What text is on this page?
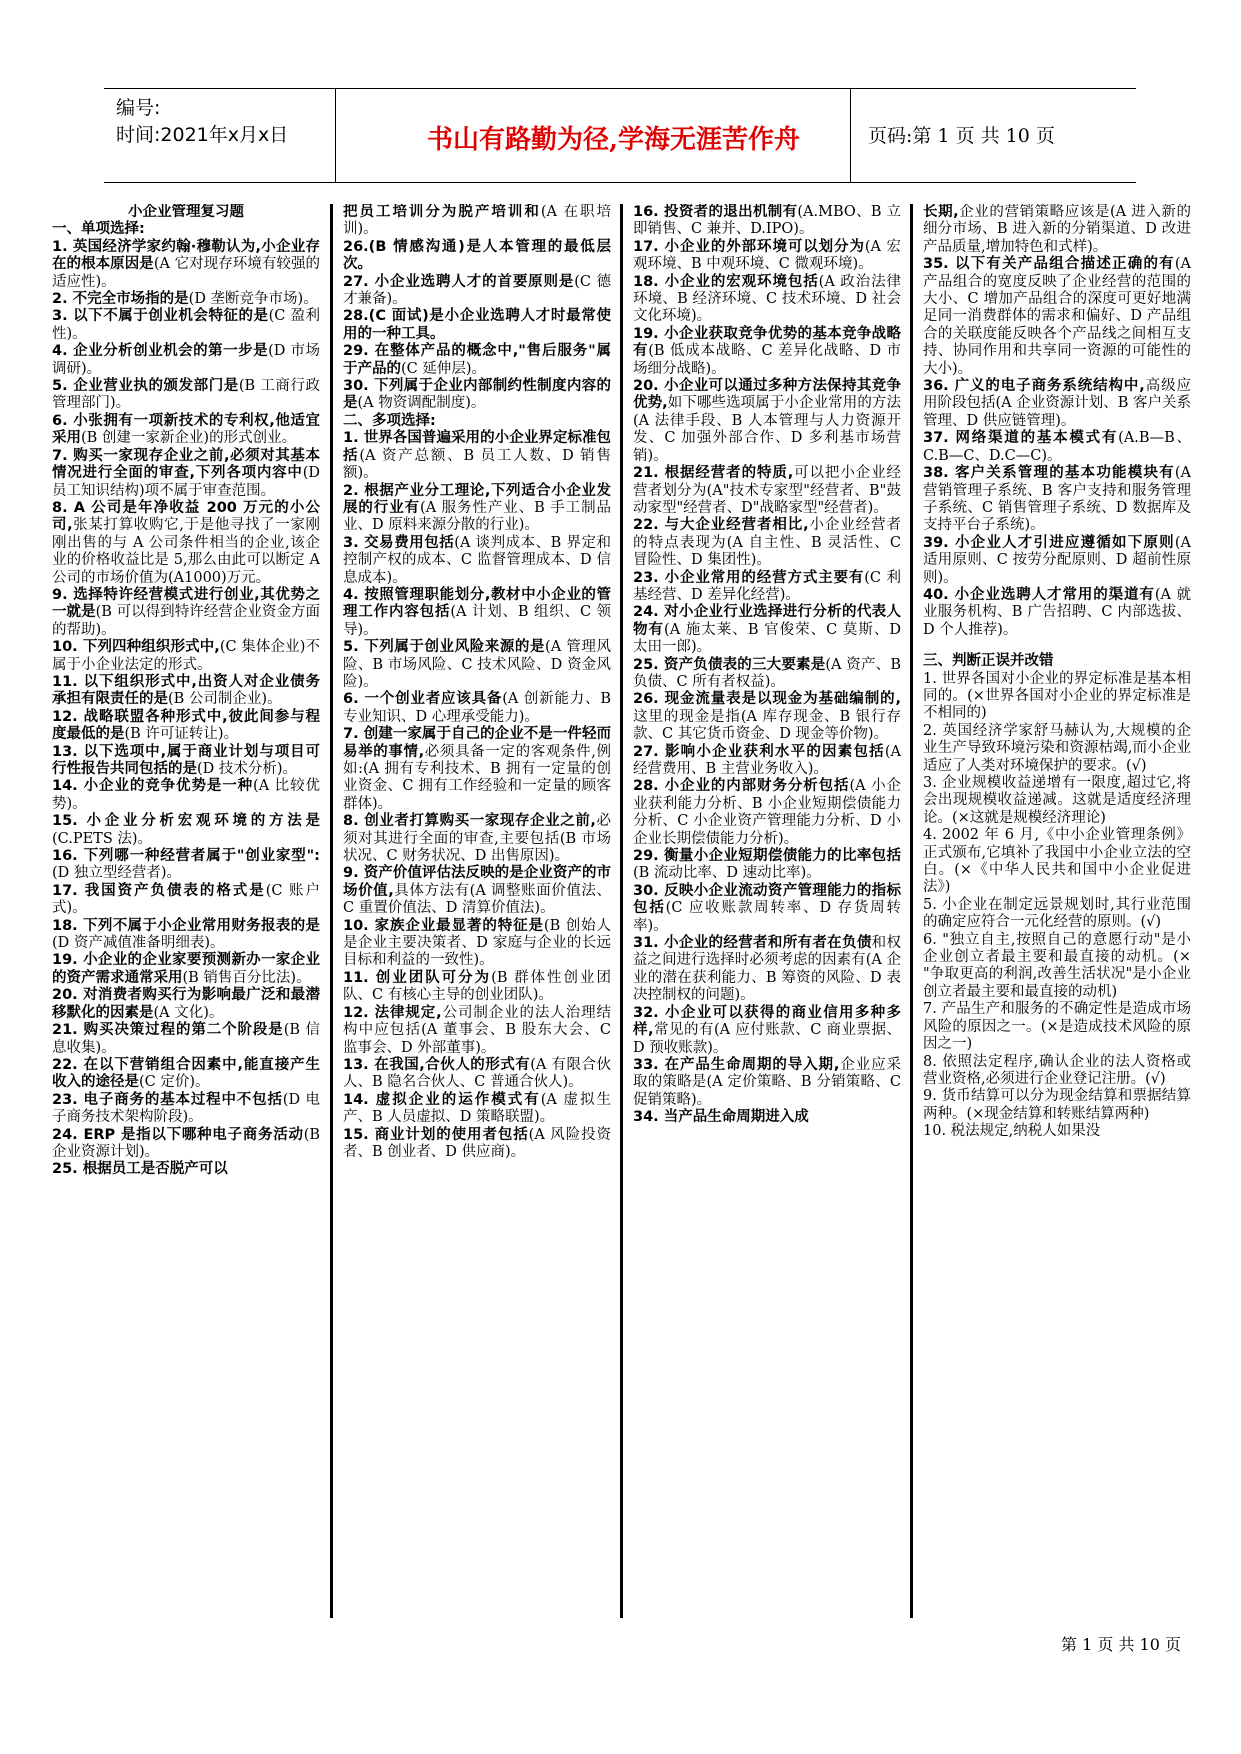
编号:
时间:2021年x月x日	书山有路勤为径,学海无涯苦作舟	页码:第 1 页 共 10 页

小企业管理复习题

一、单项选择:

1. 英国经济学家约翰·穆勒认为,小企业存在的根本原因是(A 它对现存环境有较强的适应性)。

2. 不完全市场指的是(D 垄断竞争市场)。

3. 以下不属于创业机会特征的是(C 盈利性)。

4. 企业分析创业机会的第一步是(D 市场调研)。

5. 企业营业执的颁发部门是(B 工商行政管理部门)。

6. 小张拥有一项新技术的专利权,他适宜采用(B 创建一家新企业)的形式创业。

7. 购买一家现存企业之前,必须对其基本情况进行全面的审查,下列各项内容中(D 员工知识结构)项不属于审查范围。

8. A 公司是年净收益 200 万元的小公司,张某打算收购它,于是他寻找了一家刚刚出售的与 A 公司条件相当的企业,该企业的价格收益比是 5,那么由此可以断定 A 公司的市场价值为(A1000)万元。

9. 选择特许经营模式进行创业,其优势之一就是(B 可以得到特许经营企业资金方面的帮助)。

10. 下列四种组织形式中,(C 集体企业)不属于小企业法定的形式。

11. 以下组织形式中,出资人对企业债务承担有限责任的是(B 公司制企业)。

12. 战略联盟各种形式中,彼此间参与程度最低的是(B 许可证转让)。

13. 以下选项中,属于商业计划与项目可行性报告共同包括的是(D 技术分析)。

14. 小企业的竞争优势是一种(A 比较优势)。

15. 小企业分析宏观环境的方法是(C.PETS 法)。

16. 下列哪一种经营者属于"创业家型":(D 独立型经营者)。

17. 我国资产负债表的格式是(C 账户式)。

18. 下列不属于小企业常用财务报表的是(D 资产减值准备明细表)。

19. 小企业的企业家要预测新办一家企业的资产需求通常采用(B 销售百分比法)。

20. 对消费者购买行为影响最广泛和最潜移默化的因素是(A 文化)。

21. 购买决策过程的第二个阶段是(B 信息收集)。

22. 在以下营销组合因素中,能直接产生收入的途径是(C 定价)。

23. 电子商务的基本过程中不包括(D 电子商务技术架构阶段)。

24. ERP 是指以下哪种电子商务活动(B 企业资源计划)。

25. 根据员工是否脱产可以

把员工培训分为脱产培训和(A 在职培训)。

26.(B 情感沟通)是人本管理的最低层次。

27. 小企业选聘人才的首要原则是(C 德才兼备)。

28.(C 面试)是小企业选聘人才时最常使用的一种工具。

29. 在整体产品的概念中,"售后服务"属于产品的(C 延伸层)。

30. 下列属于企业内部制约性制度内容的是(A 物资调配制度)。

二、多项选择:

1. 世界各国普遍采用的小企业界定标准包括(A 资产总额、B 员工人数、D 销售额)。

2. 根据产业分工理论,下列适合小企业发展的行业有(A 服务性产业、B 手工制品业、D 原料来源分散的行业)。

3. 交易费用包括(A 谈判成本、B 界定和控制产权的成本、C 监督管理成本、D 信息成本)。

4. 按照管理职能划分,教材中小企业的管理工作内容包括(A 计划、B 组织、C 领导)。

5. 下列属于创业风险来源的是(A 管理风险、B 市场风险、C 技术风险、D 资金风险)。

6. 一个创业者应该具备(A 创新能力、B 专业知识、D 心理承受能力)。

7. 创建一家属于自己的企业不是一件轻而易举的事情,必须具备一定的客观条件,例如:(A 拥有专利技术、B 拥有一定量的创业资金、C 拥有工作经验和一定量的顾客群体)。

8. 创业者打算购买一家现存企业之前,必须对其进行全面的审查,主要包括(B 市场状况、C 财务状况、D 出售原因)。

9. 资产价值评估法反映的是企业资产的市场价值,具体方法有(A 调整账面价值法、C 重置价值法、D 清算价值法)。

10. 家族企业最显著的特征是(B 创始人是企业主要决策者、D 家庭与企业的长远目标和利益的一致性)。

11. 创业团队可分为(B 群体性创业团队、C 有核心主导的创业团队)。

12. 法律规定,公司制企业的法人治理结构中应包括(A 董事会、B 股东大会、C 监事会、D 外部董事)。

13. 在我国,合伙人的形式有(A 有限合伙人、B 隐名合伙人、C 普通合伙人)。

14. 虚拟企业的运作模式有(A 虚拟生产、B 人员虚拟、D 策略联盟)。

15. 商业计划的使用者包括(A 风险投资者、B 创业者、D 供应商)。

16. 投资者的退出机制有(A.MBO、B 立即销售、C 兼并、D.IPO)。

17. 小企业的外部环境可以划分为(A 宏观环境、B 中观环境、C 微观环境)。

18. 小企业的宏观环境包括(A 政治法律环境、B 经济环境、C 技术环境、D 社会文化环境)。

19. 小企业获取竞争优势的基本竞争战略有(B 低成本战略、C 差异化战略、D 市场细分战略)。

20. 小企业可以通过多种方法保持其竞争优势,如下哪些选项属于小企业常用的方法(A 法律手段、B 人本管理与人力资源开发、C 加强外部合作、D 多利基市场营销)。

21. 根据经营者的特质,可以把小企业经营者划分为(A"技术专家型"经营者、B"鼓动家型"经营者、D"战略家型"经营者)。

22. 与大企业经营者相比,小企业经营者的特点表现为(A 自主性、B 灵活性、C 冒险性、D 集团性)。

23. 小企业常用的经营方式主要有(C 利基经营、D 差异化经营)。

24. 对小企业行业选择进行分析的代表人物有(A 施太莱、B 官俊荣、C 莫斯、D 太田一郎)。

25. 资产负债表的三大要素是(A 资产、B 负债、C 所有者权益)。

26. 现金流量表是以现金为基础编制的,这里的现金是指(A 库存现金、B 银行存款、C 其它货币资金、D 现金等价物)。

27. 影响小企业获利水平的因素包括(A 经营费用、B 主营业务收入)。

28. 小企业的内部财务分析包括(A 小企业获利能力分析、B 小企业短期偿债能力分析、C 小企业资产管理能力分析、D 小企业长期偿债能力分析)。

29. 衡量小企业短期偿债能力的比率包括(B 流动比率、D 速动比率)。

30. 反映小企业流动资产管理能力的指标包括(C 应收账款周转率、D 存货周转率)。

31. 小企业的经营者和所有者在负债和权益之间进行选择时必须考虑的因素有(A 企业的潜在获利能力、B 筹资的风险、D 表决控制权的问题)。

32. 小企业可以获得的商业信用多种多样,常见的有(A 应付账款、C 商业票据、D 预收账款)。

33. 在产品生命周期的导入期,企业应采取的策略是(A 定价策略、B 分销策略、C 促销策略)。

34. 当产品生命周期进入成

长期,企业的营销策略应该是(A 进入新的细分市场、B 进入新的分销渠道、D 改进产品质量,增加特色和式样)。

35. 以下有关产品组合描述正确的有(A 产品组合的宽度反映了企业经营的范围的大小、C 增加产品组合的深度可更好地满足同一消费群体的需求和偏好、D 产品组合的关联度能反映各个产品线之间相互支持、协同作用和共享同一资源的可能性的大小)。

36. 广义的电子商务系统结构中,高级应用阶段包括(A 企业资源计划、B 客户关系管理、D 供应链管理)。

37. 网络渠道的基本模式有(A.B—B、C.B—C、D.C—C)。

38. 客户关系管理的基本功能模块有(A 营销管理子系统、B 客户支持和服务管理子系统、C 销售管理子系统、D 数据库及支持平台子系统)。

39. 小企业人才引进应遵循如下原则(A 适用原则、C 按劳分配原则、D 超前性原则)。

40. 小企业选聘人才常用的渠道有(A 就业服务机构、B 广告招聘、C 内部选拔、D 个人推荐)。

三、判断正误并改错

1. 世界各国对小企业的界定标准是基本相同的。(×世界各国对小企业的界定标准是不相同的)

2. 英国经济学家舒马赫认为,大规模的企业生产导致环境污染和资源枯竭,而小企业适应了人类对环境保护的要求。(√)

3. 企业规模收益递增有一限度,超过它,将会出现规模收益递减。这就是适度经济理论。(×这就是规模经济理论)

4. 2002 年 6 月,《中小企业管理条例》正式颁布,它填补了我国中小企业立法的空白。(×《中华人民共和国中小企业促进法》)

5. 小企业在制定远景规划时,其行业范围的确定应符合一元化经营的原则。(√)

6. "独立自主,按照自己的意愿行动"是小企业创立者最主要和最直接的动机。(× "争取更高的利润,改善生活状况"是小企业创立者最主要和最直接的动机)

7. 产品生产和服务的不确定性是造成市场风险的原因之一。(×是造成技术风险的原因之一)

8. 依照法定程序,确认企业的法人资格或营业资格,必须进行企业登记注册。(√)

9. 货币结算可以分为现金结算和票据结算两种。(×现金结算和转账结算两种)

10. 税法规定,纳税人如果没

第 1 页 共 10 页
